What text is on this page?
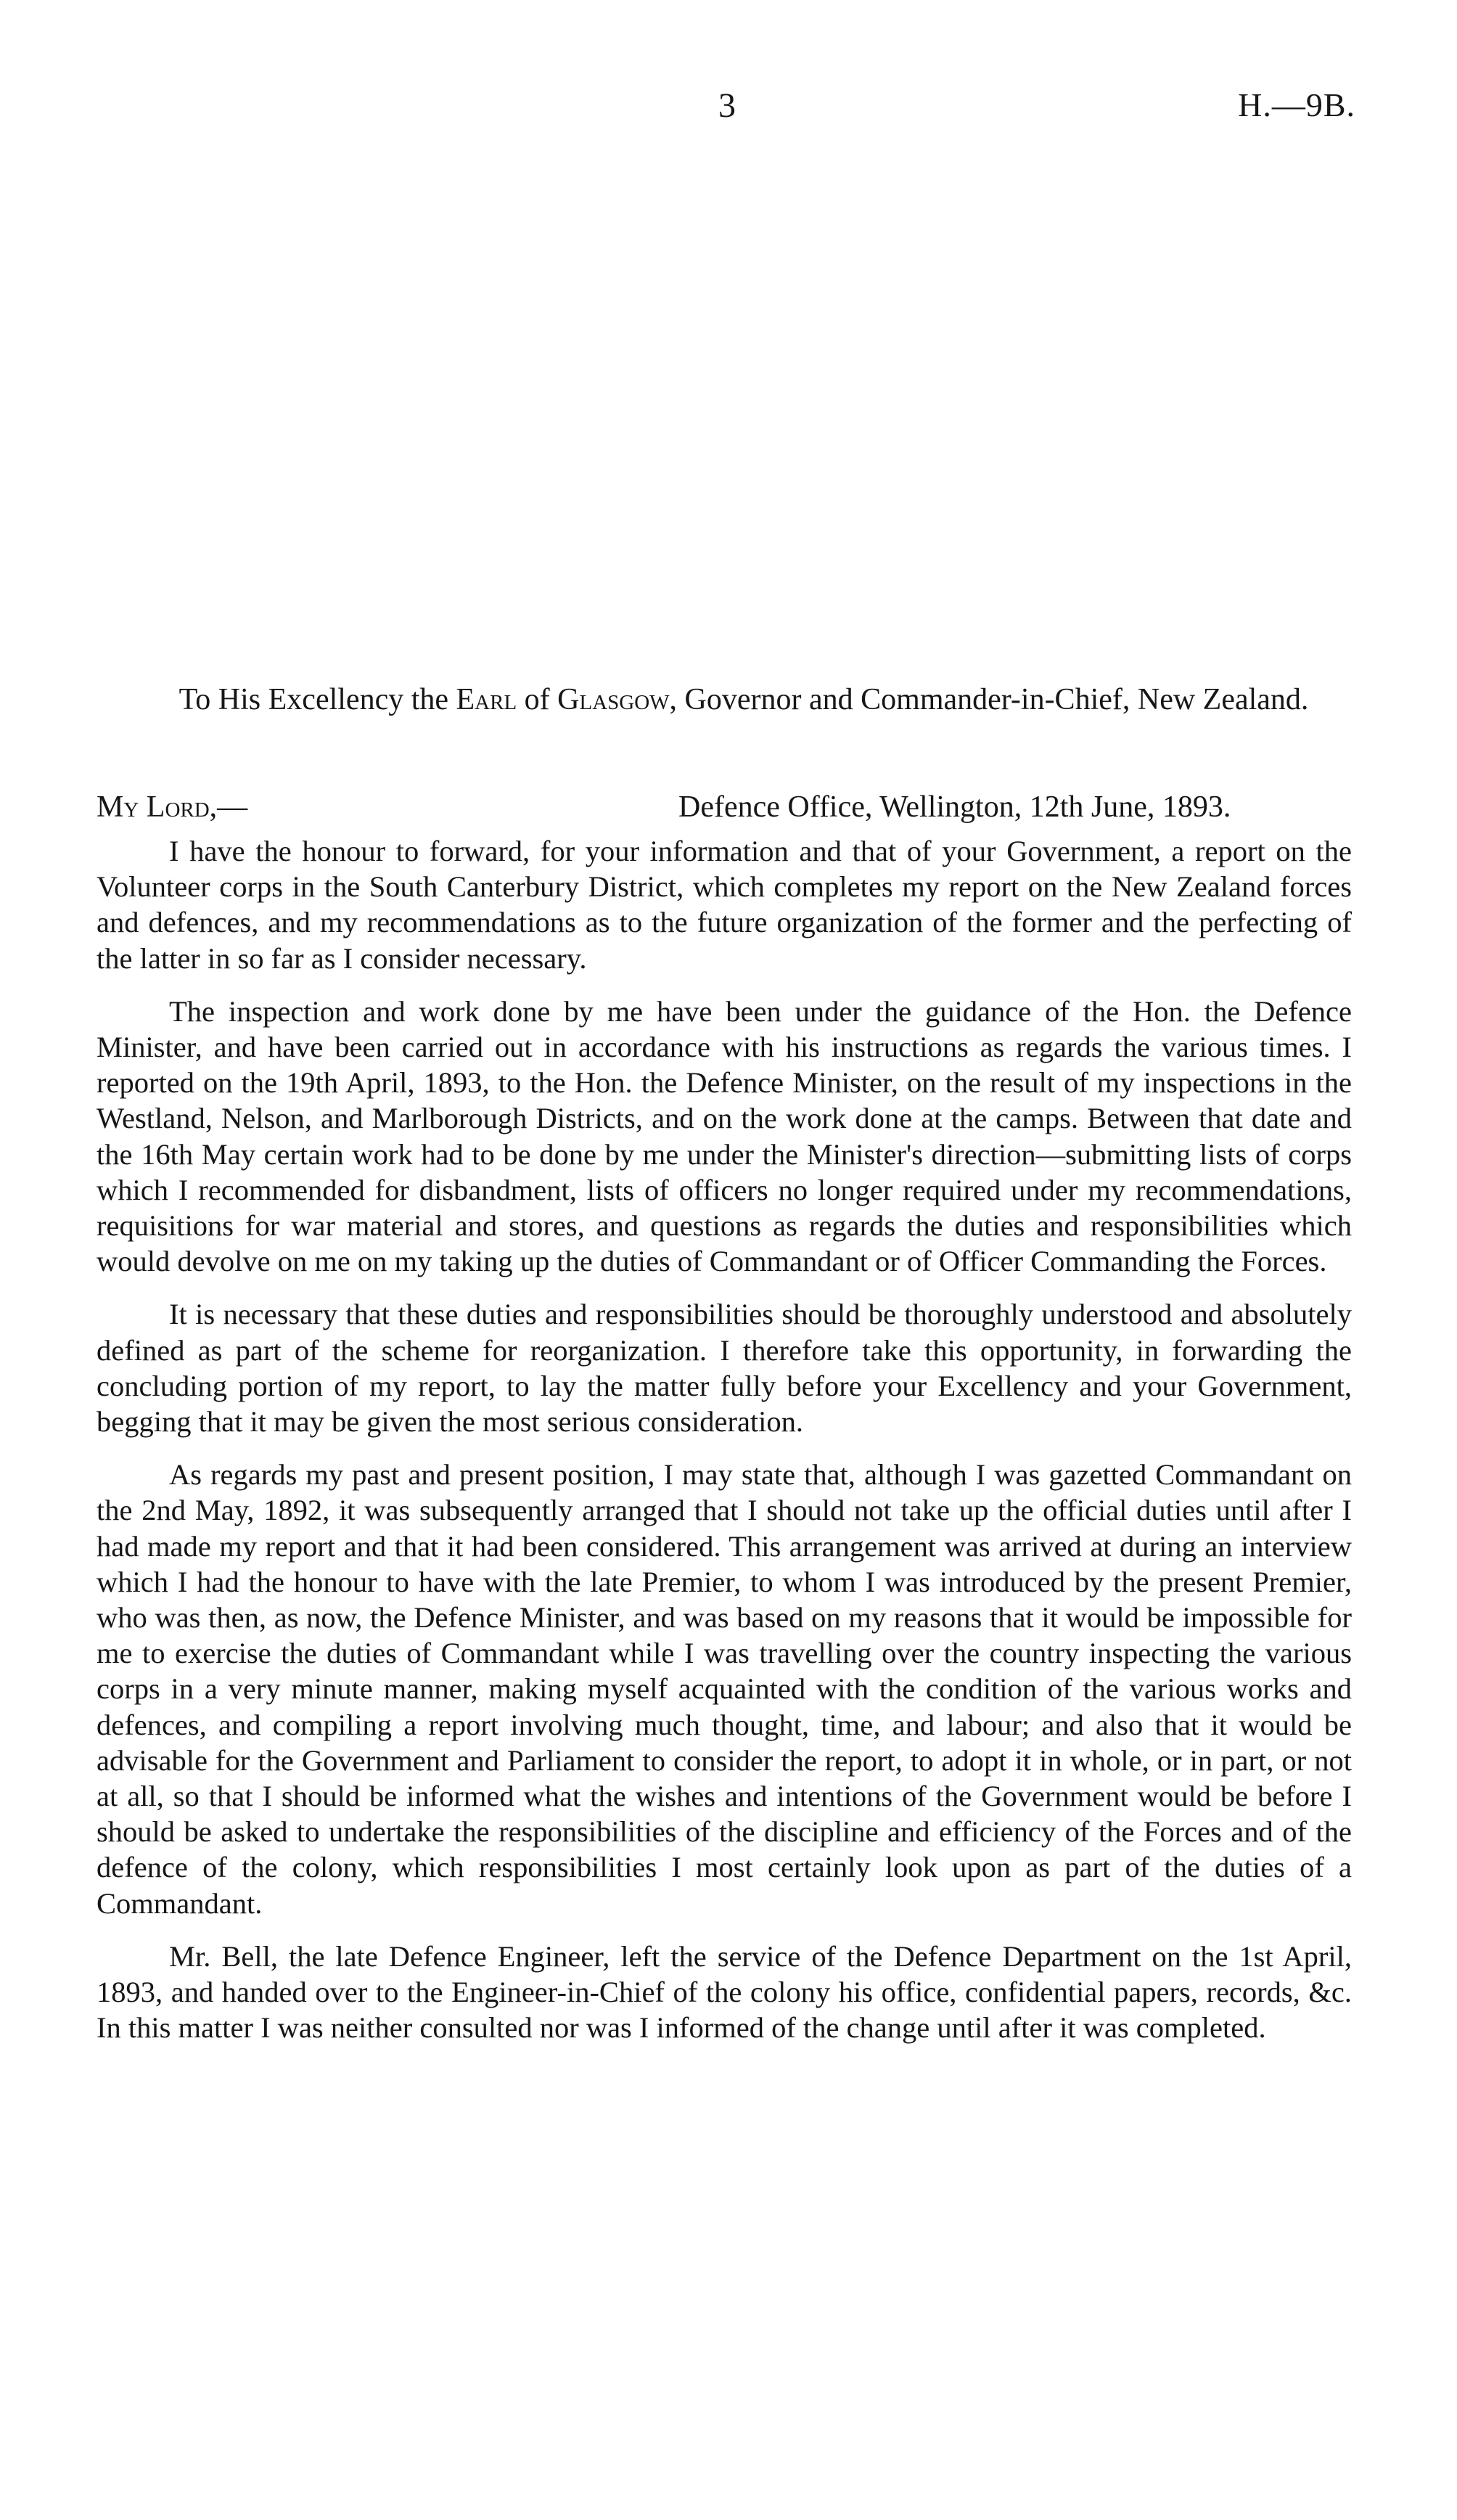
3	H.—9B.
To His Excellency the Earl of Glasgow, Governor and Commander-in-Chief, New Zealand.
My Lord,—	Defence Office, Wellington, 12th June, 1893.

I have the honour to forward, for your information and that of your Government, a report on the Volunteer corps in the South Canterbury District, which completes my report on the New Zealand forces and defences, and my recommendations as to the future organization of the former and the perfecting of the latter in so far as I consider necessary.

The inspection and work done by me have been under the guidance of the Hon. the Defence Minister, and have been carried out in accordance with his instructions as regards the various times. I reported on the 19th April, 1893, to the Hon. the Defence Minister, on the result of my inspections in the Westland, Nelson, and Marlborough Districts, and on the work done at the camps. Between that date and the 16th May certain work had to be done by me under the Minister's direction—submitting lists of corps which I recommended for disbandment, lists of officers no longer required under my recommendations, requisitions for war material and stores, and questions as regards the duties and responsibilities which would devolve on me on my taking up the duties of Commandant or of Officer Commanding the Forces.

It is necessary that these duties and responsibilities should be thoroughly understood and absolutely defined as part of the scheme for reorganization. I therefore take this opportunity, in forwarding the concluding portion of my report, to lay the matter fully before your Excellency and your Government, begging that it may be given the most serious consideration.

As regards my past and present position, I may state that, although I was gazetted Commandant on the 2nd May, 1892, it was subsequently arranged that I should not take up the official duties until after I had made my report and that it had been considered. This arrangement was arrived at during an interview which I had the honour to have with the late Premier, to whom I was introduced by the present Premier, who was then, as now, the Defence Minister, and was based on my reasons that it would be impossible for me to exercise the duties of Commandant while I was travelling over the country inspecting the various corps in a very minute manner, making myself acquainted with the condition of the various works and defences, and compiling a report involving much thought, time, and labour; and also that it would be advisable for the Government and Parliament to consider the report, to adopt it in whole, or in part, or not at all, so that I should be informed what the wishes and intentions of the Government would be before I should be asked to undertake the responsibilities of the discipline and efficiency of the Forces and of the defence of the colony, which responsibilities I most certainly look upon as part of the duties of a Commandant.

Mr. Bell, the late Defence Engineer, left the service of the Defence Department on the 1st April, 1893, and handed over to the Engineer-in-Chief of the colony his office, confidential papers, records, &c. In this matter I was neither consulted nor was I informed of the change until after it was completed.
